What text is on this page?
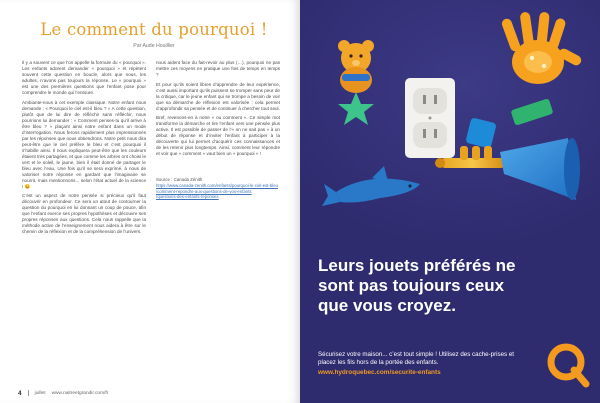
Le comment du pourquoi !
Par Aude Houillier

Il y a souvent ce que l’on appelle la formule du « pourquoi ». Les enfants adorent demander « pourquoi » et répètent souvent cette question en boucle, alors que nous, les adultes, n’avons pas toujours la réponse. Le « pourquoi » est une des premières questions que l’enfant pose pour comprendre le monde qui l’entoure.

Ambiante-nous à cet exemple classique. Notre enfant nous demande : « Pourquoi le ciel est-il bleu ? » A cette question, plutôt que de lui dire de réfléchir sans réfléchir, nous pourrions lui demander : « Comment penses-tu qu’il arrive à être bleu ? » plaçant ainsi notre enfant dans un mode d’interrogation. Nous ferons rapidement plus impressionnés par les réponses que nous obtiendrons. Notre petit nous dira peut-être que le ciel préfère le bleu et c’est pourquoi il s’habille ainsi. Il nous expliquera peut-être que les couleurs étaient très partagées, et que comme les arbres ont choisi le vert et le soleil, le jaune, bien il était donné de partager le bleu avec l’eau. Une fois qu’il se sera exprimé, à nous de valoriser notre réponse en gardant que l’imaginaire se nourrit, mais mentionnons... selon l’état actuel de la science ! 😉

C’est un aspect de notre pensée si précieux qu’il faut découvrir en profondeur. Ce sera un atout de contourner la question du pourquoi en lui donnant un coup de pouce, afin que l’enfant exerce ses propres hypothèses et découvre ses propres réponses aux questions. Cela nous rappelle que la méthode active de l’enseignement nous aidera à être sur le chemin de la réflexion et de la compréhension de l’univers.

nous aident face du fait-revoir au plus (…), pourquoi ne pas mettre ces moyens en pratique une fois de temps en temps ?

Et pour qu’ils soient libres d’apprendre de leur expérience, c’est aussi important qu’ils puissent se tromper sans peur de la critique, car le jeune enfant qui se trompe a besoin de voir que sa démarche de réflexion est valorisée : cela permet d’approfondir sa pensée et de continuer à chercher tout seul.

Bref, revenons-en à notre « ou comment ». Ce simple mot transforme la démarche et tire l’enfant vers une pensée plus active. Il est possible de passer de l’« on ne sait pas » à un début de réponse et d’inviter l’enfant à participer à la découverte qui lui permet d’acquérir ces connaissances et de les retenir plus longtemps. Ainsi, comment leur répondre et voir que « comment » vaut bien un « pourquoi » !

Source : Canada Zénith
https://www.canada-zenith.com/enfants/pourquoi-le-ciel-est-bleu
/comment-repondre-aux-questions-de-vos-enfants
/questions-des-enfants-reponses
4	juillet www.naitreetgrandir.com/fr
Leurs jouets préférés ne sont pas toujours ceux que vous croyez.

Sécurisez votre maison... c’est tout simple ! Utilisez des cache-prises et placez les fils hors de la portée des enfants.

www.hydroquebec.com/securite-enfants
